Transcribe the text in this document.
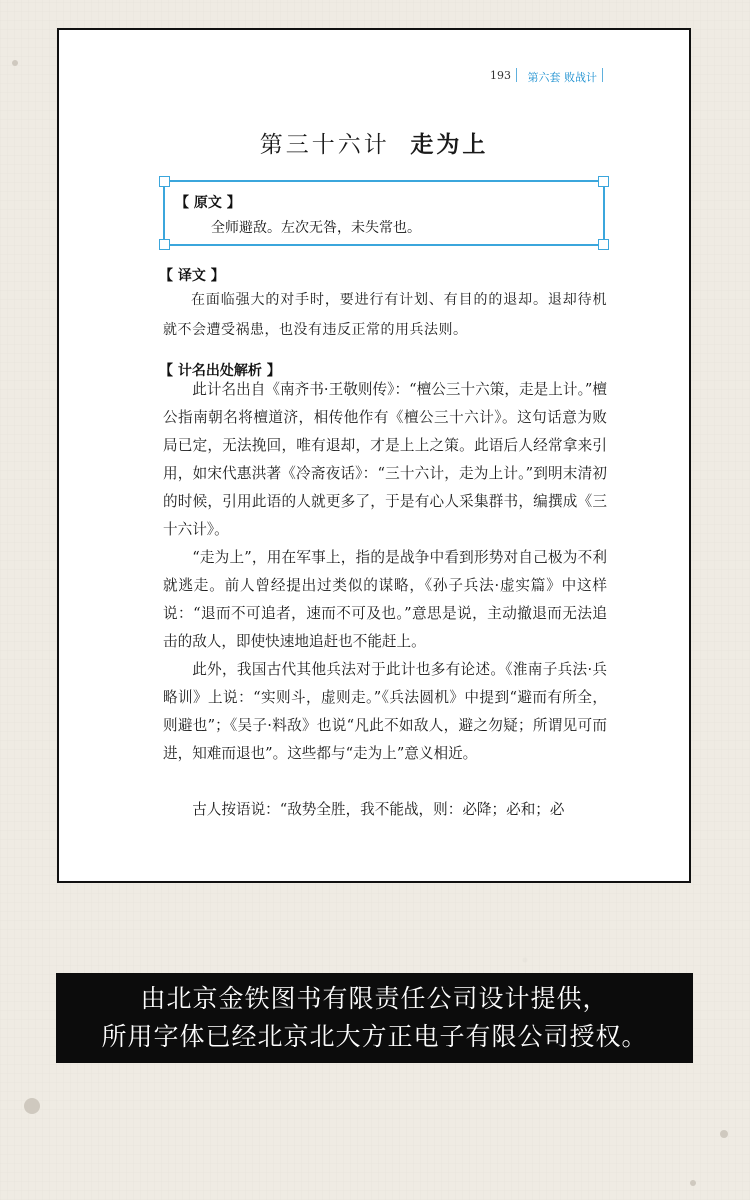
193 第六套 败战计
第三十六计 走为上
【 原文 】
全师避敌。左次无咎，未失常也。
【 译文 】

在面临强大的对手时，要进行有计划、有目的的退却。退却待机就不会遭受祸患，也没有违反正常的用兵法则。

【 计名出处解析 】

此计名出自《南齐书·王敬则传》：“檀公三十六策，走是上计。”檀公指南朝名将檀道济，相传他作有《檀公三十六计》。这句话意为败局已定，无法挽回，唯有退却，才是上上之策。此语后人经常拿来引用，如宋代惠洪著《冷斋夜话》：“三十六计，走为上计。”到明末清初的时候，引用此语的人就更多了，于是有心人采集群书，编撰成《三十六计》。

“走为上”，用在军事上，指的是战争中看到形势对自己极为不利就逃走。前人曾经提出过类似的谋略，《孙子兵法·虚实篇》中这样说：“退而不可追者，速而不可及也。”意思是说，主动撤退而无法追击的敌人，即使快速地追赶也不能赶上。

此外，我国古代其他兵法对于此计也多有论述。《淮南子兵法·兵略训》上说：“实则斗，虚则走。”《兵法圆机》中提到“避而有所全，则避也”；《吴子·料敌》也说“凡此不如敌人，避之勿疑；所谓见可而进，知难而退也”。这些都与“走为上”意义相近。

古人按语说：“敌势全胜，我不能战，则：必降；必和；必

由北京金铁图书有限责任公司设计提供，
所用字体已经北京北大方正电子有限公司授权。
